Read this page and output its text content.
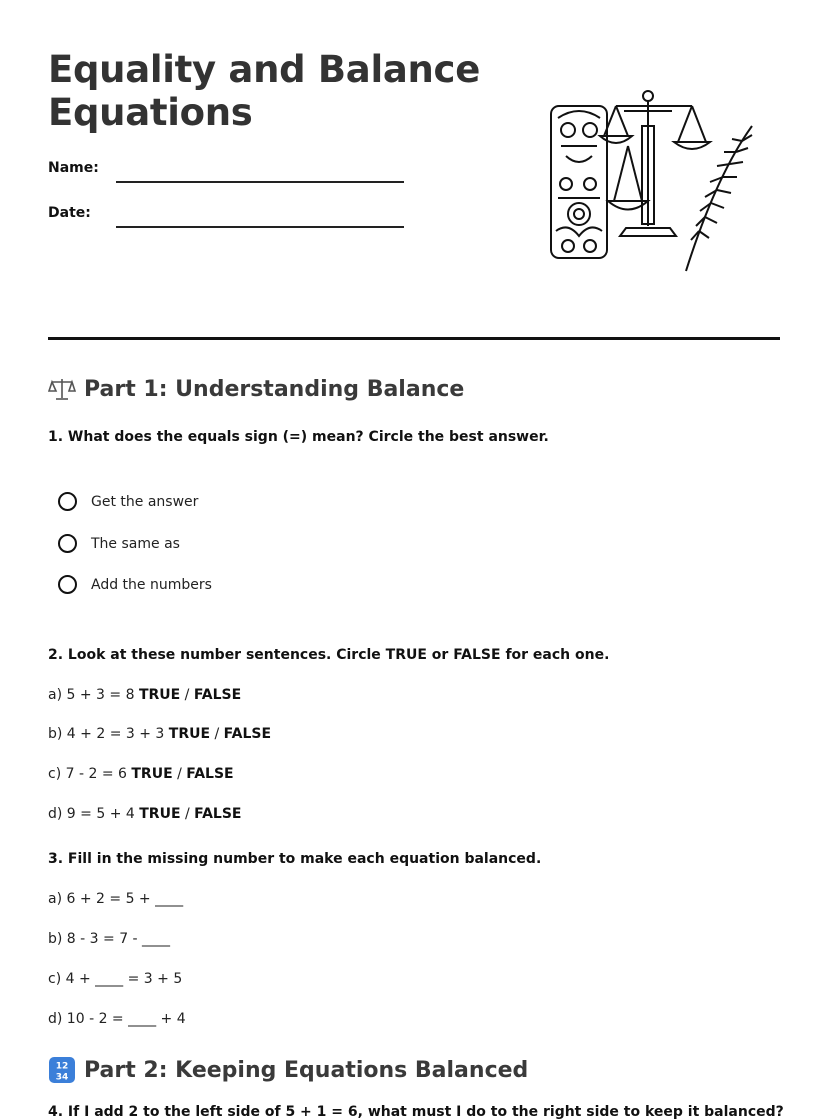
Equality and Balance
Equations
Name:
Date:
Part 1: Understanding Balance
1. What does the equals sign (=) mean? Circle the best answer.
Get the answer
The same as
Add the numbers
2. Look at these number sentences. Circle TRUE or FALSE for each one.
a) 5 + 3 = 8 TRUE / FALSE
b) 4 + 2 = 3 + 3 TRUE / FALSE
c) 7 - 2 = 6 TRUE / FALSE
d) 9 = 5 + 4 TRUE / FALSE
3. Fill in the missing number to make each equation balanced.
a) 6 + 2 = 5 + ____
b) 8 - 3 = 7 - ____
c) 4 + ____ = 3 + 5
d) 10 - 2 = ____ + 4
12
34 Part 2: Keeping Equations Balanced
4. If I add 2 to the left side of 5 + 1 = 6, what must I do to the right side to keep it balanced?
